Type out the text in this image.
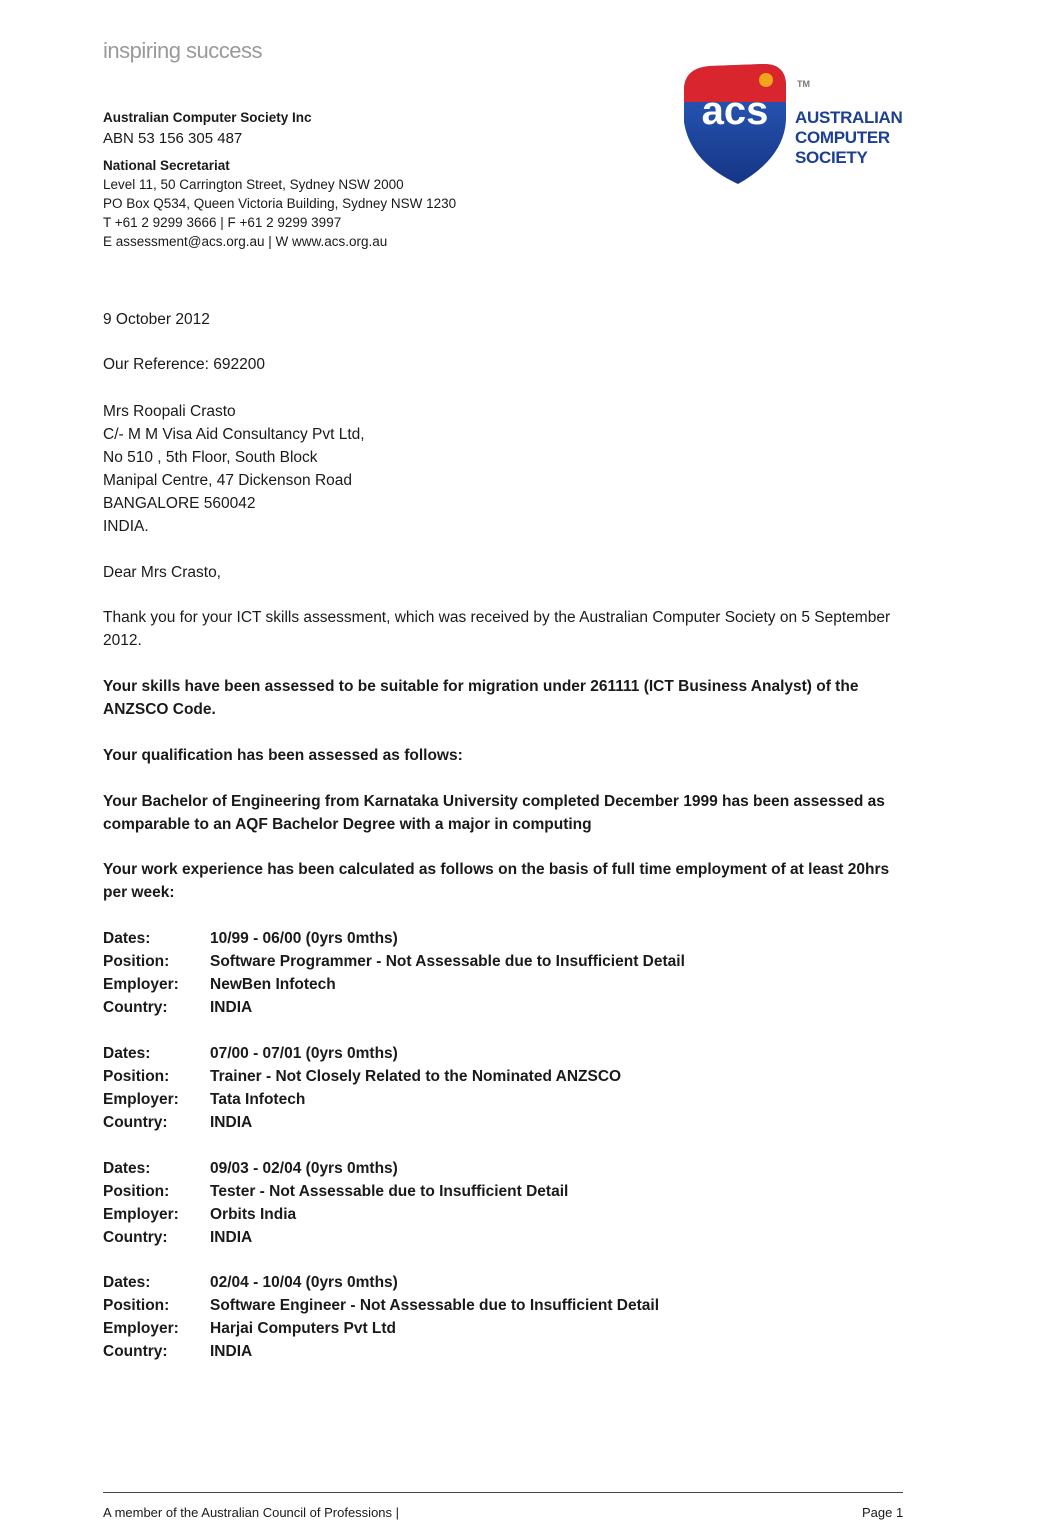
inspiring success
Australian Computer Society Inc
ABN 53 156 305 487
National Secretariat
Level 11, 50 Carrington Street, Sydney NSW 2000
PO Box Q534, Queen Victoria Building, Sydney NSW 1230
T +61 2 9299 3666 | F +61 2 9299 3997
E assessment@acs.org.au | W www.acs.org.au
acs
TM
AUSTRALIAN
COMPUTER
SOCIETY
9 October 2012
Our Reference: 692200
Mrs Roopali Crasto
C/- M M Visa Aid Consultancy Pvt Ltd,
No 510 , 5th Floor, South Block
Manipal Centre, 47 Dickenson Road
BANGALORE 560042
INDIA.
Dear Mrs Crasto,
Thank you for your ICT skills assessment, which was received by the Australian Computer Society on 5 September 2012.
Your skills have been assessed to be suitable for migration under 261111 (ICT Business Analyst) of the ANZSCO Code.
Your qualification has been assessed as follows:
Your Bachelor of Engineering from Karnataka University completed December 1999 has been assessed as comparable to an AQF Bachelor Degree with a major in computing
Your work experience has been calculated as follows on the basis of full time employment of at least 20hrs per week:
Dates:	10/99 - 06/00 (0yrs 0mths)
Position:	Software Programmer - Not Assessable due to Insufficient Detail
Employer:	NewBen Infotech
Country:	INDIA
Dates:	07/00 - 07/01 (0yrs 0mths)
Position:	Trainer - Not Closely Related to the Nominated ANZSCO
Employer:	Tata Infotech
Country:	INDIA
Dates:	09/03 - 02/04 (0yrs 0mths)
Position:	Tester - Not Assessable due to Insufficient Detail
Employer:	Orbits India
Country:	INDIA
Dates:	02/04 - 10/04 (0yrs 0mths)
Position:	Software Engineer - Not Assessable due to Insufficient Detail
Employer:	Harjai Computers Pvt Ltd
Country:	INDIA
A member of the Australian Council of Professions |	Page 1
